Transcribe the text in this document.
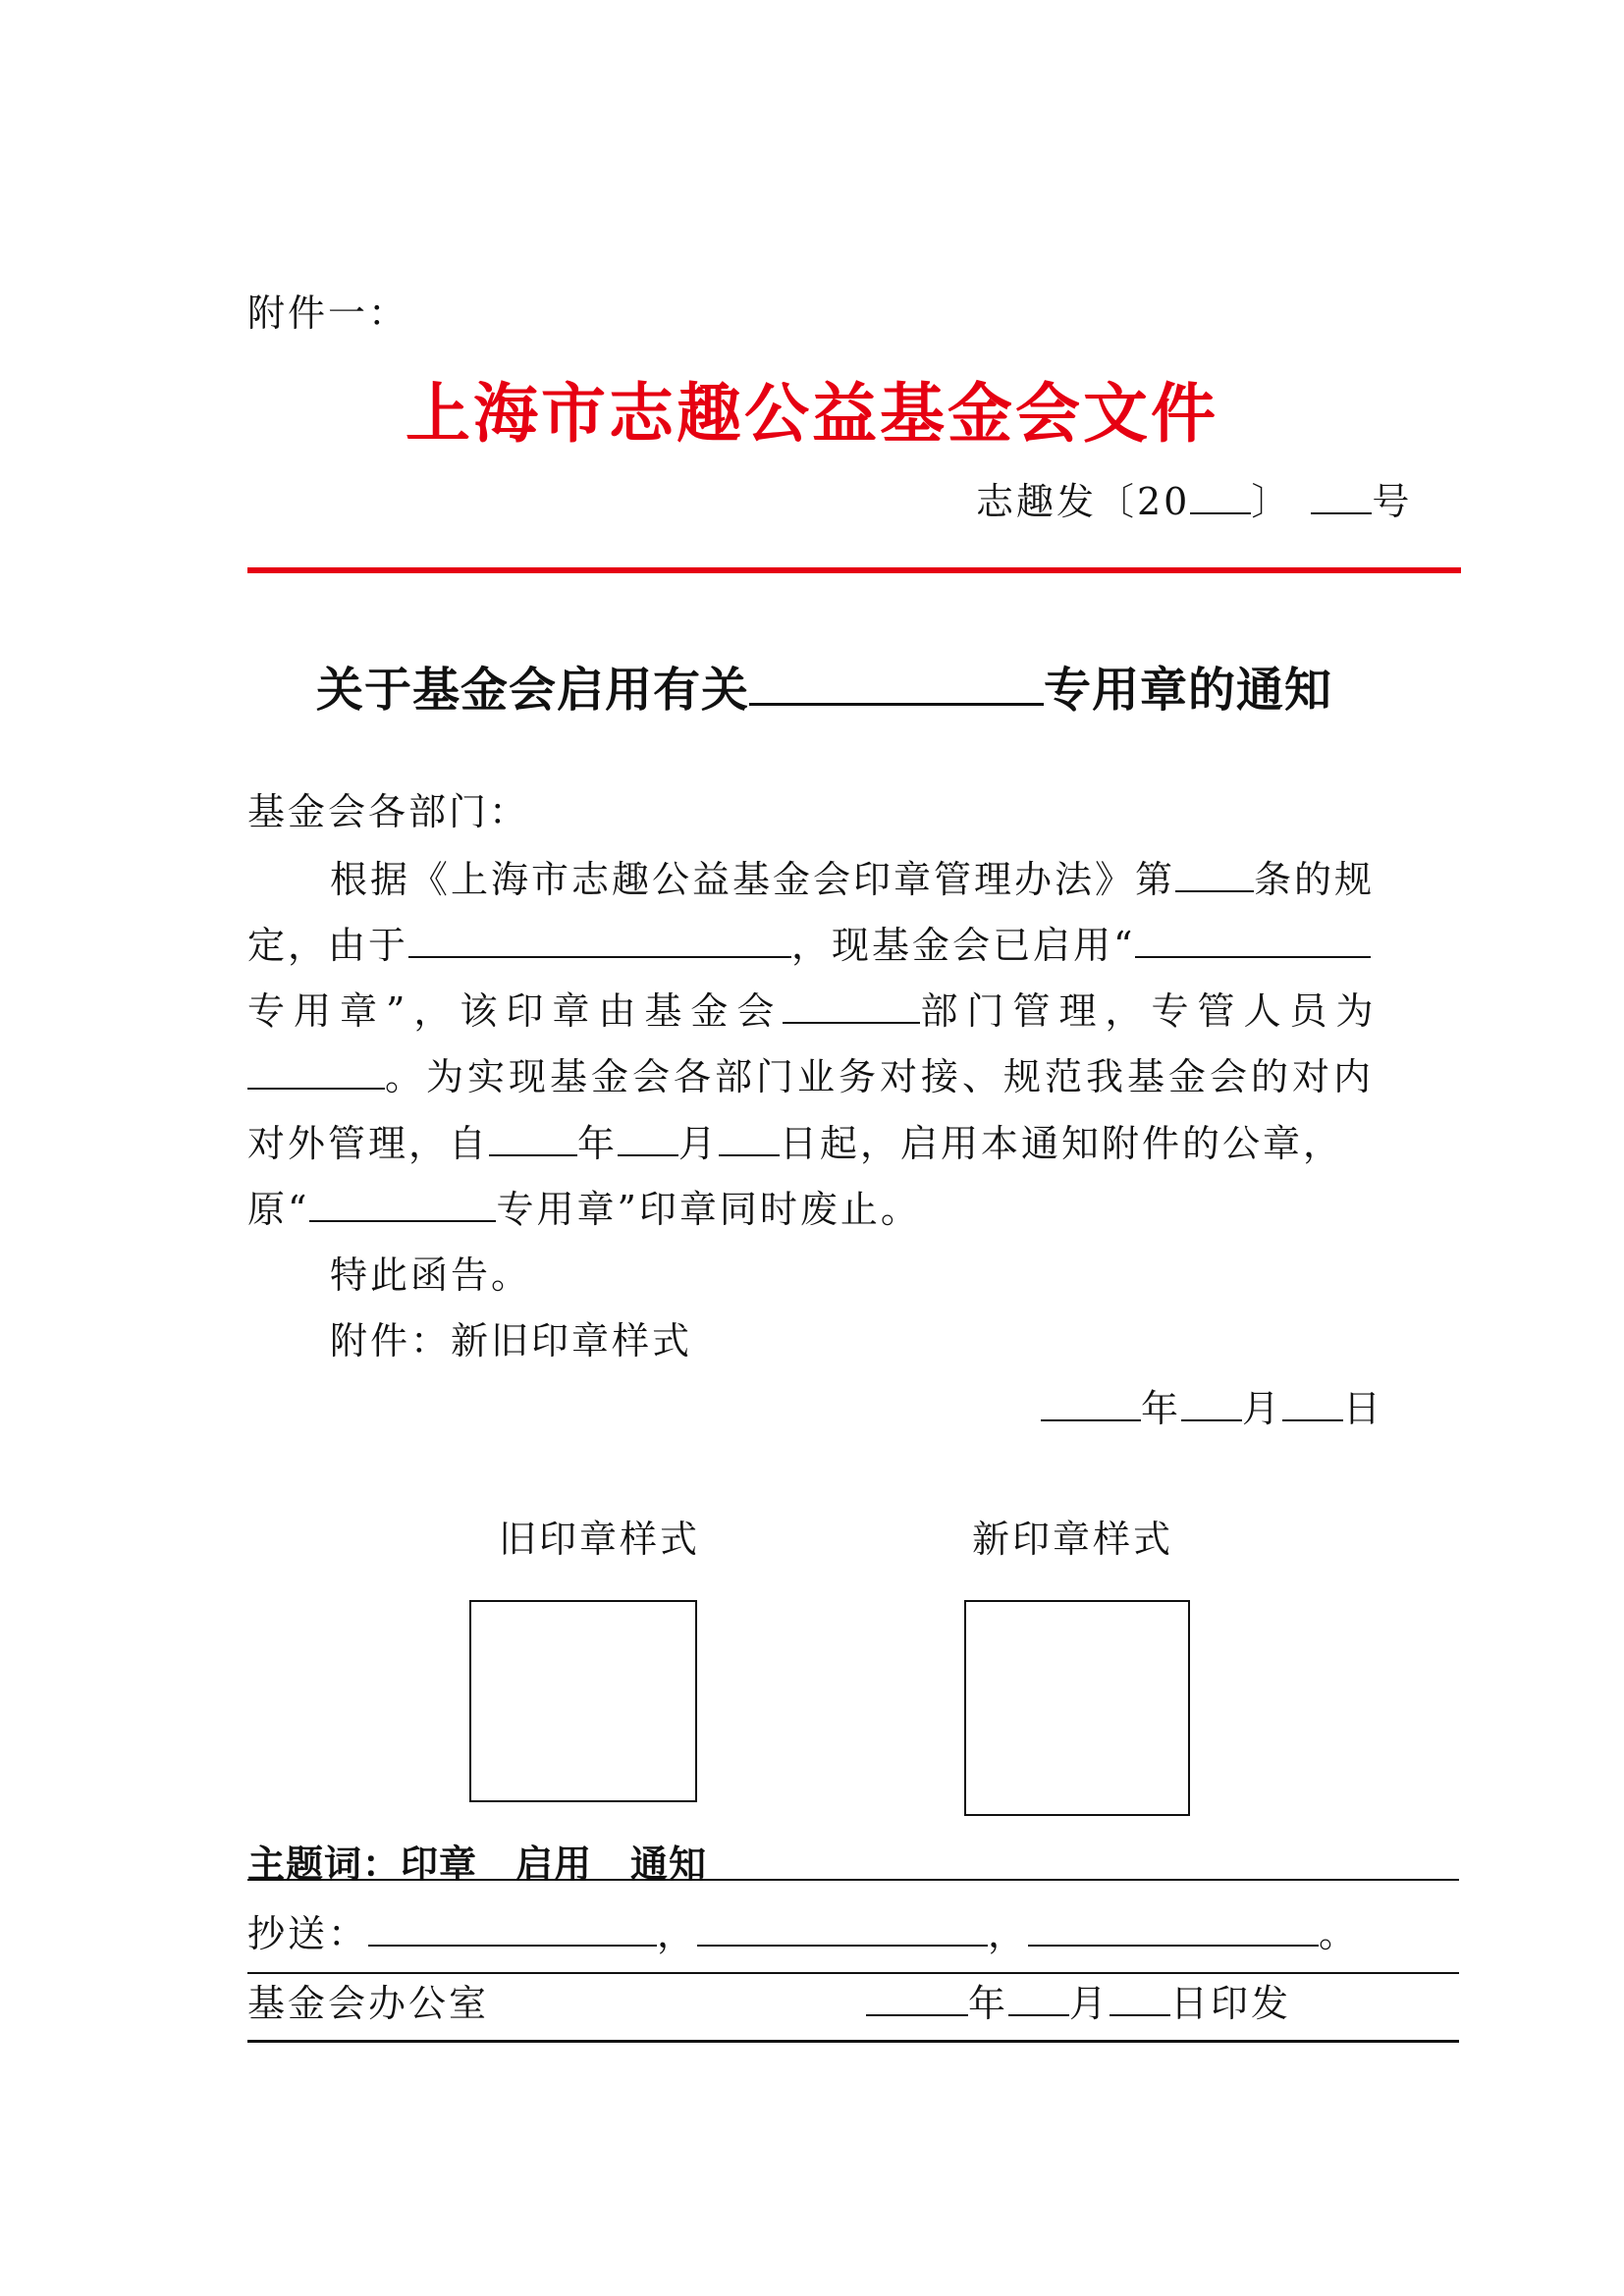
附件一：
上海市志趣公益基金会文件
志趣发〔20 〕 号
关于基金会启用有关	专用章的通知
基金会各部门：
根据《上海市志趣公益基金会印章管理办法》第 条的规
定，由于	，现基金会已启用“
专用章”，该印章由基金会	部门管理，专管人员为
。为实现基金会各部门业务对接、规范我基金会的对内
对外管理，自 年 月 日起，启用本通知附件的公章，
原“	专用章”印章同时废止。
特此函告。
附件：新旧印章样式
年 月 日
旧印章样式	新印章样式
主题词：印章　启用　通知
抄送：	，	，	。
基金会办公室	年 月 日印发
